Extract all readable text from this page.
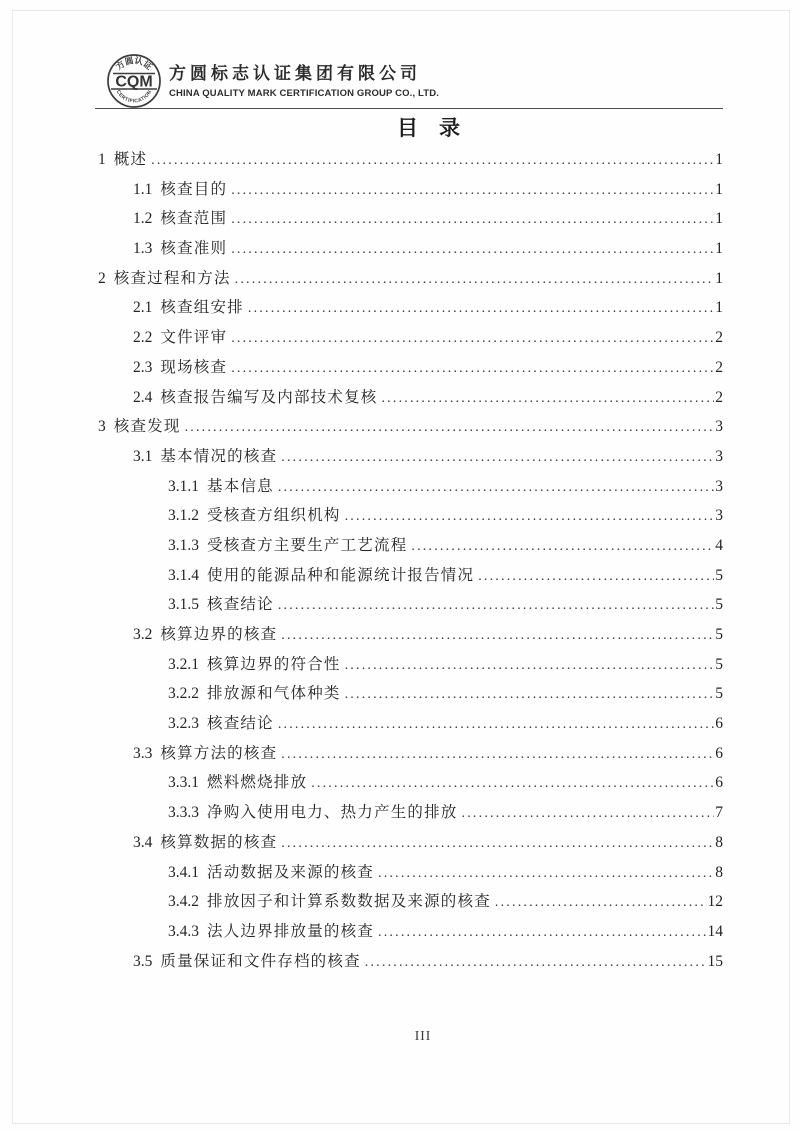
方圆认证
CQM
CERTIFICATION
方圆标志认证集团有限公司
CHINA QUALITY MARK CERTIFICATION GROUP CO., LTD.
目　录
1 概述 .....	1
1.1 核查目的 .....	1
1.2 核查范围 .....	1
1.3 核查准则 .....	1
2 核查过程和方法 .....	1
2.1 核查组安排 .....	1
2.2 文件评审 .....	2
2.3 现场核查 .....	2
2.4 核查报告编写及内部技术复核 .....	2
3 核查发现 .....	3
3.1 基本情况的核查 .....	3
3.1.1 基本信息 .....	3
3.1.2 受核查方组织机构 .....	3
3.1.3 受核查方主要生产工艺流程 .....	4
3.1.4 使用的能源品种和能源统计报告情况 .....	5
3.1.5 核查结论 .....	5
3.2 核算边界的核查 .....	5
3.2.1 核算边界的符合性 .....	5
3.2.2 排放源和气体种类 .....	5
3.2.3 核查结论 .....	6
3.3 核算方法的核查 .....	6
3.3.1 燃料燃烧排放 .....	6
3.3.3 净购入使用电力、热力产生的排放 .....	7
3.4 核算数据的核查 .....	8
3.4.1 活动数据及来源的核查 .....	8
3.4.2 排放因子和计算系数数据及来源的核查 .....	12
3.4.3 法人边界排放量的核查 .....	14
3.5 质量保证和文件存档的核查 .....	15
III
